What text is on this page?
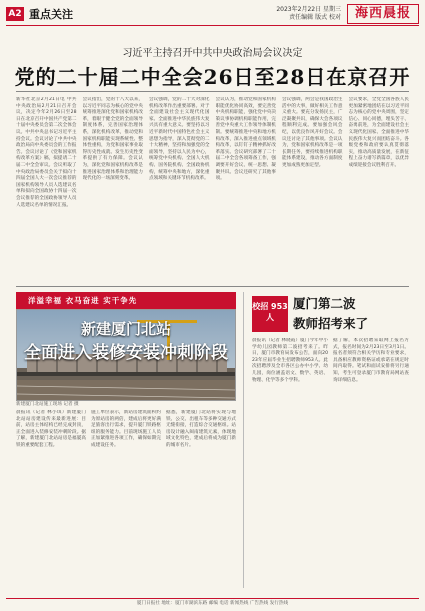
A2 重点关注	2023年2月22日 星期三
责任编辑 版式 校对	海西晨报
习近平主持召开中共中央政治局会议决定
党的二十届二中全会26日至28日在京召开
新华社北京2月21日电 中共中央政治局2月21日召开会议，决定今年2月26日至28日在北京召开中国共产党第二十届中央委员会第二次全体会议。中共中央总书记习近平主持会议。会议讨论了中共中央政治局向中央委员会的工作报告。会议讨论了《党和国家机构改革方案》稿，拟提请二十届二中全会审议。会议听取了中央政治局委员会关于拟向十四届全国人大一次会议推荐的国家机构领导人员人选建议名单和拟向全国政协十四届一次会议推荐的全国政协领导人员人选建议名单的情况汇报。
会议指出，党的十八大以来，以习近平同志为核心的党中央统筹推进深化党和国家机构改革，着眼于健全党的全面领导制度体系，完善国家治理体系，深化机构改革，推动党和国家机构职能实现系统性、整体性重构，为党和国家事业取得历史性成就、发生历史性变革提供了有力保障。会议认为，深化党和国家机构改革是推进国家治理体系和治理能力现代化的一场深刻变革。
会议强调，党的二十大对深化机构改革作出重要部署。对于全面建设社会主义现代化国家、全面推进中华民族伟大复兴具有重大意义。要坚持以习近平新时代中国特色社会主义思想为指导，深入贯彻党的二十大精神，坚持和加强党的全面领导，坚持以人民为中心，统筹党中央机构、全国人大机构、国务院机构、全国政协机构，统筹中央和地方，深化重点领域和关键环节机构改革。
会议认为，推动党和国家机构职能优化协同高效，要完善党中央机构职能，强化党中央决策议事协调机构职能作用，完善党中央重大工作领导体制机制。要统筹推进中央和地方机构改革，深入推进重点领域机构改革，以钉钉子精神抓好改革落实。会议研究部署了二十届二中全会各项筹备工作，强调要开好会议、统一思想、凝聚共识。会议还研究了其他事项。
会议强调，两会是我国政治生活中的大事，做好相关工作意义重大。要充分发扬民主，广泛凝聚共识，确保大会各项议程顺利完成。要加强会风会纪，以优良作风开好会议。会议还讨论了其他事项。会议认为，党和国家机构改革是一项长期任务，要持续推进机构职能体系建设，推动各方面制度更加成熟更加定型。
会议要求，全党全国各族人民更加紧密地团结在以习近平同志为核心的党中央周围，坚定信心、同心同德，埋头苦干、奋勇前进，为全面建设社会主义现代化国家、全面推进中华民族伟大复兴而团结奋斗。各级党委和政府要认真贯彻落实，推动高质量发展，在新征程上奋力谱写新篇章，以优异成绩迎接会议胜利召开。
洋溢幸福 衣马奋进 实干争先
新建厦门北站
全面进入装修安装冲刺阶段
新建厦门北站施工现场 记者 摄
晨报讯（记者 林小琪）新建厦门北站站房建设传来最新进展：目前，站房主体结构已经完成封顶，正全面进入装修安装冲刺阶段。据了解，新建厦门北站站房是福厦高铁的重要配套工程。
施工单位表示，新站房建筑面积约为原站房的两倍，建成后将更好满足旅客出行需求，提升厦门铁路枢纽的服务能力。目前现场施工人员正加紧推进各项工作，确保如期完成建设任务。
据悉，新建厦门北站将实现与地铁、公交、出租车等多种交通方式无缝衔接，打造综合交通枢纽。站房设计融入闽南建筑元素，体现地域文化特色，建成后将成为厦门新的城市名片。
校招 953人
厦门第二波
教师招考来了
晨报讯（记者 林晓霞）厦门今年中小学幼儿园教师第二波招考来了。昨日，厦门市教育局发布公告，面向2023年应届毕业生招聘教师953人。此次招聘涉及全市各区公办中小学、幼儿园，岗位涵盖语文、数学、英语、物理、化学等多个学科。
据了解，本次招聘采取网上报名方式，报名时间为2月23日至3月1日。报名者须符合相关学历和专业要求，具备相应教师资格证或承诺在规定时间内取得。笔试和面试安排将另行通知，考生可登录厦门市教育局网站查询详细信息。
厦门日报社 地址：厦门市湖滨东路 邮编 电话 新闻热线 广告热线 发行热线
